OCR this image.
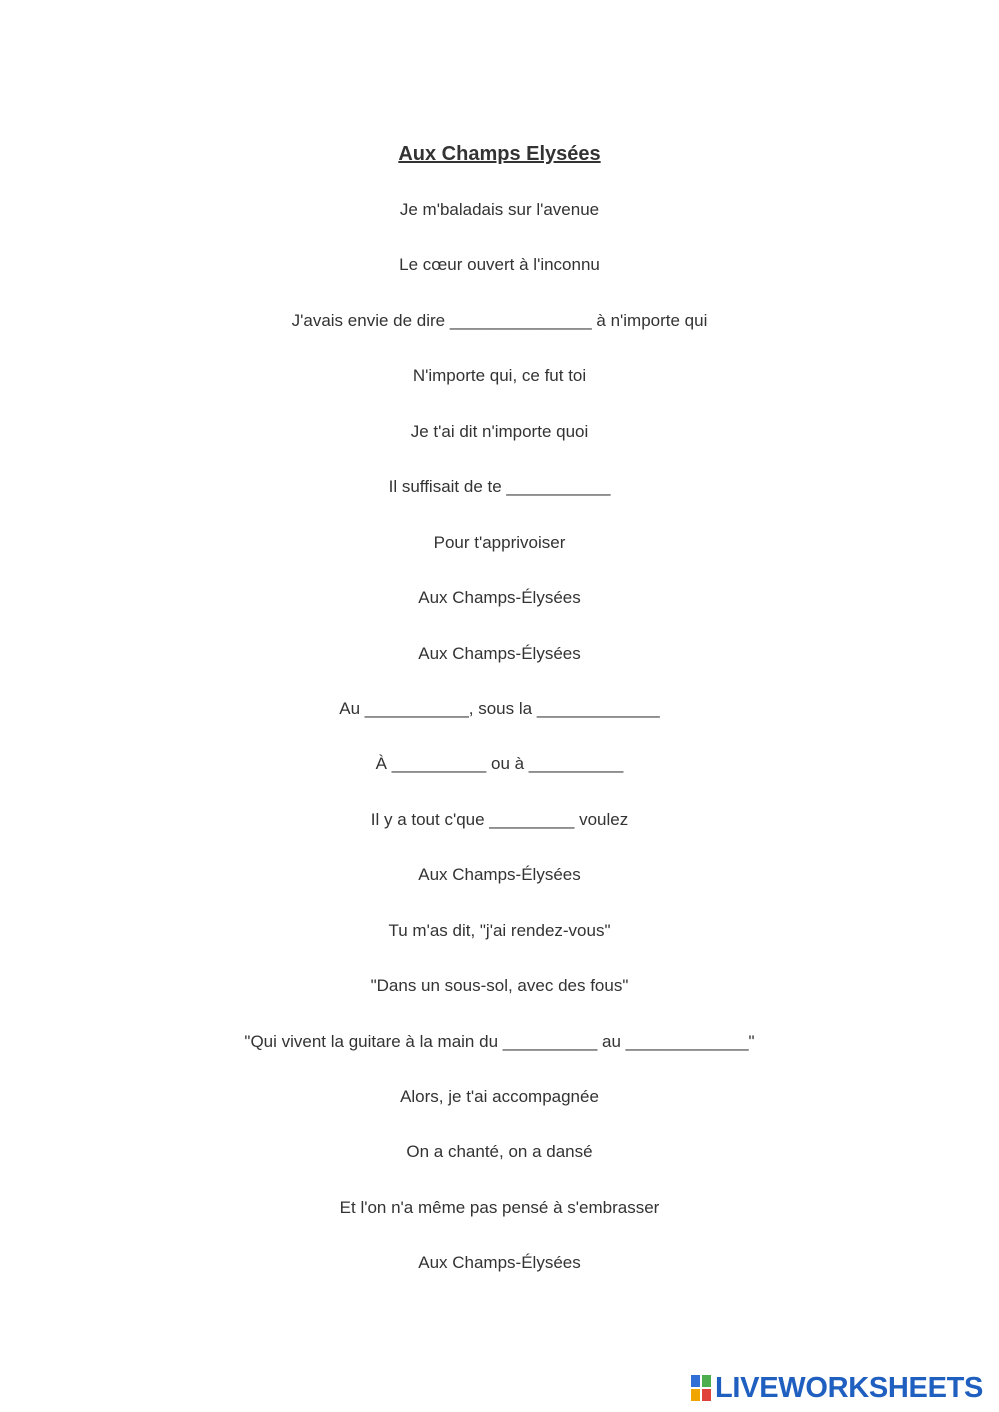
Aux Champs Elysées
Je m'baladais sur l'avenue
Le cœur ouvert à l'inconnu
J'avais envie de dire _______________ à n'importe qui
N'importe qui, ce fut toi
Je t'ai dit n'importe quoi
Il suffisait de te ___________
Pour t'apprivoiser
Aux Champs-Élysées
Aux Champs-Élysées
Au ___________, sous la _____________
À __________ ou à __________
Il y a tout c'que _________ voulez
Aux Champs-Élysées
Tu m'as dit, "j'ai rendez-vous"
"Dans un sous-sol, avec des fous"
"Qui vivent la guitare à la main du __________ au _____________"
Alors, je t'ai accompagnée
On a chanté, on a dansé
Et l'on n'a même pas pensé à s'embrasser
Aux Champs-Élysées
LIVEWORKSHEETS
